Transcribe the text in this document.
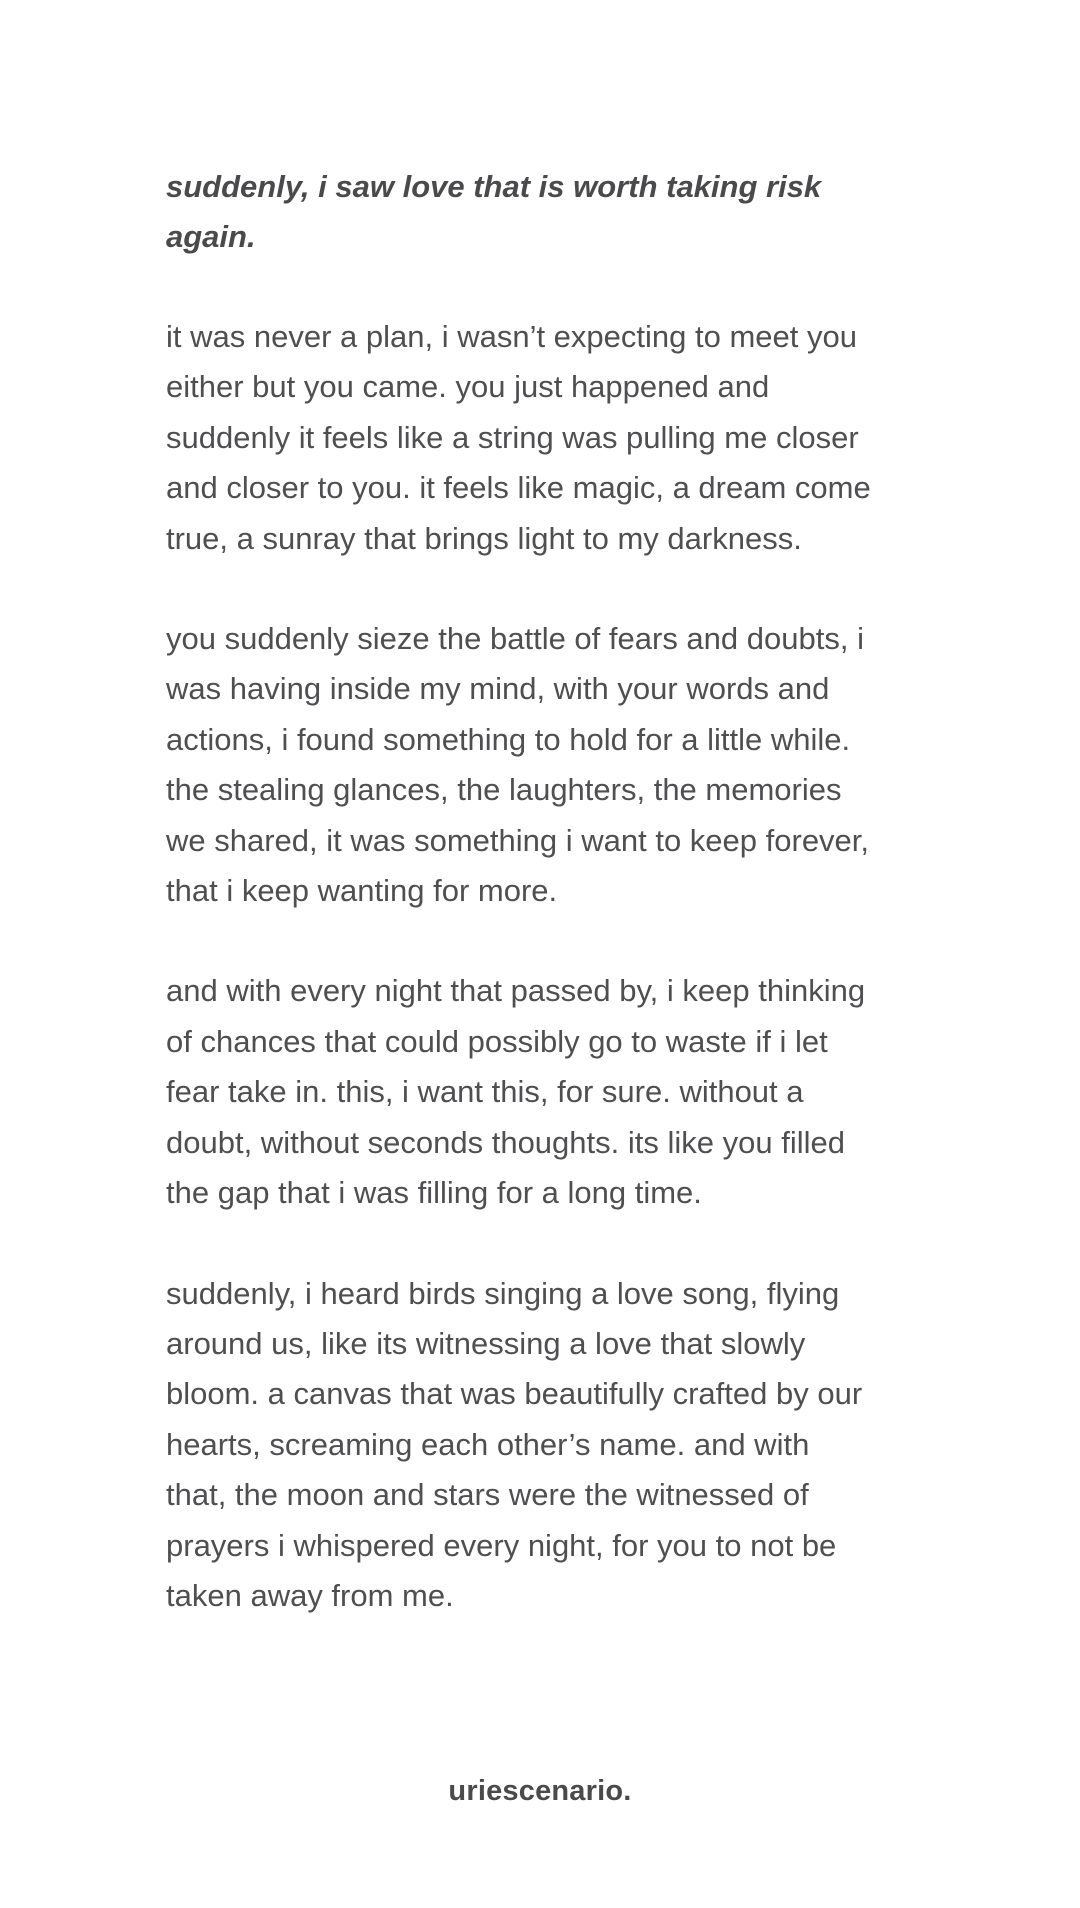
suddenly, i saw love that is worth taking risk again.

it was never a plan, i wasn’t expecting to meet you
either but you came. you just happened and
suddenly it feels like a string was pulling me closer
and closer to you. it feels like magic, a dream come
true, a sunray that brings light to my darkness.

you suddenly sieze the battle of fears and doubts, i
was having inside my mind, with your words and
actions, i found something to hold for a little while.
the stealing glances, the laughters, the memories
we shared, it was something i want to keep forever,
that i keep wanting for more.

and with every night that passed by, i keep thinking
of chances that could possibly go to waste if i let
fear take in. this, i want this, for sure. without a
doubt, without seconds thoughts. its like you filled
the gap that i was filling for a long time.

suddenly, i heard birds singing a love song, flying
around us, like its witnessing a love that slowly
bloom. a canvas that was beautifully crafted by our
hearts, screaming each other’s name. and with
that, the moon and stars were the witnessed of
prayers i whispered every night, for you to not be
taken away from me.

uriescenario.
